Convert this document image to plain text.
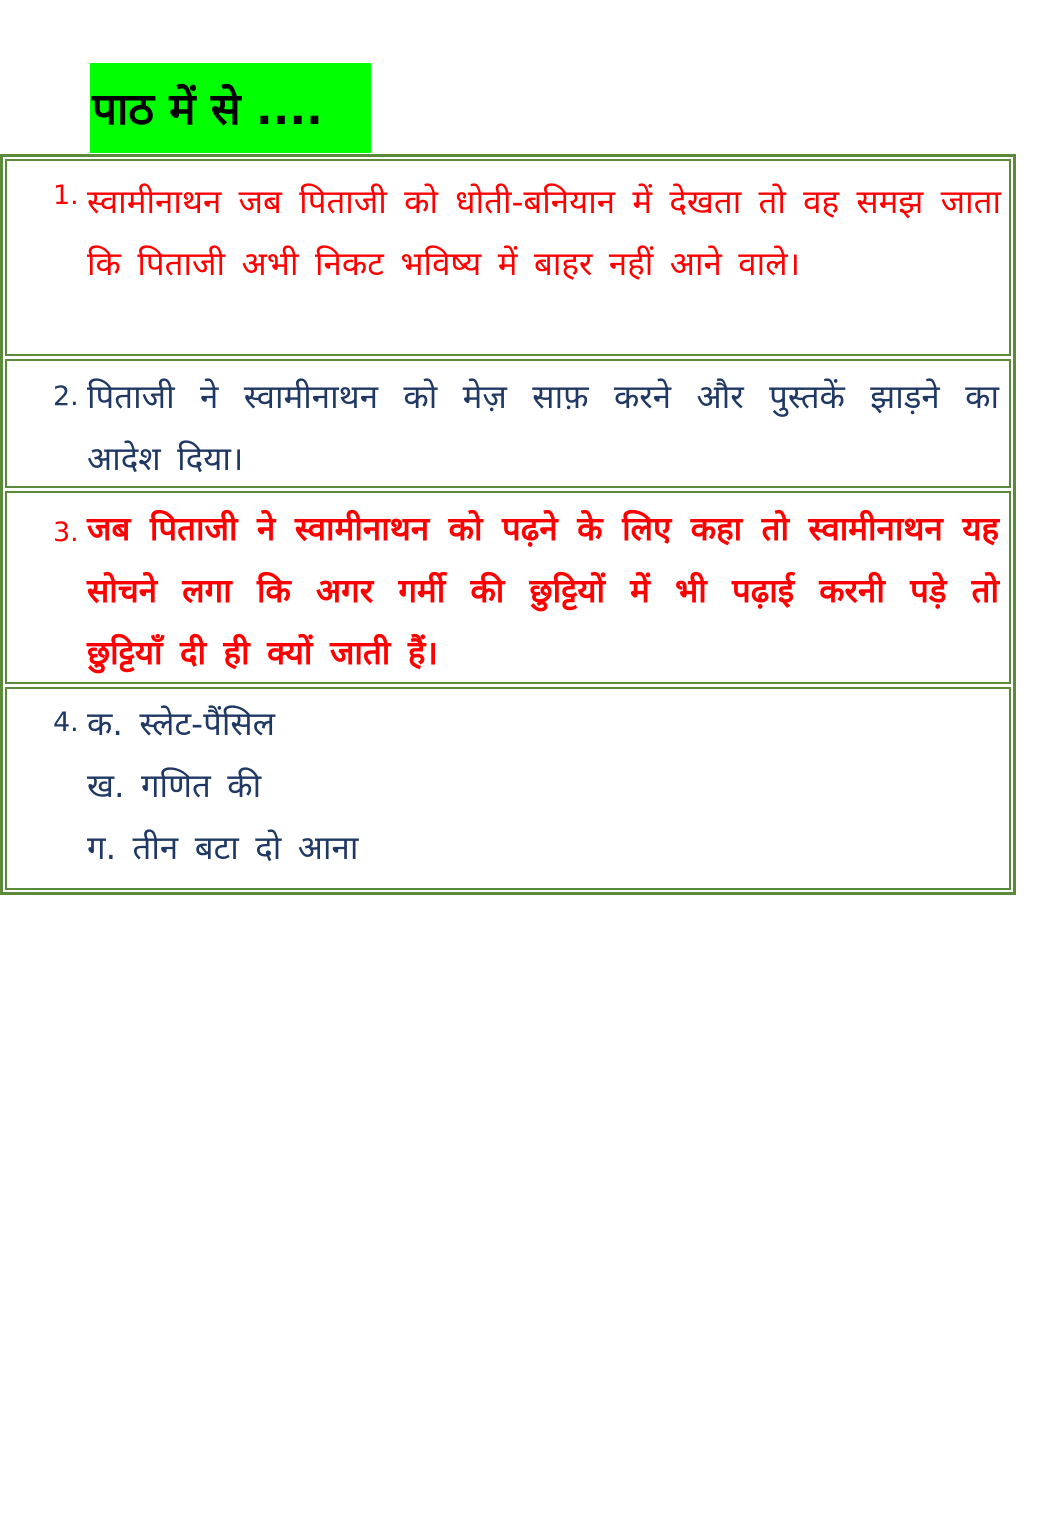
पाठ में से ....
1. स्वामीनाथन जब पिताजी को धोती-बनियान में देखता तो वह समझ जाता कि पिताजी अभी निकट भविष्य में बाहर नहीं आने वाले।
2. पिताजी ने स्वामीनाथन को मेज़ साफ़ करने और पुस्तकें झाड़ने का आदेश दिया।
3. जब पिताजी ने स्वामीनाथन को पढ़ने के लिए कहा तो स्वामीनाथन यह सोचने लगा कि अगर गर्मी की छुट्टियों में भी पढ़ाई करनी पड़े तो छुट्टियाँ दी ही क्यों जाती हैं।
4. क. स्लेट-पैंसिल
ख. गणित की
ग. तीन बटा दो आना
